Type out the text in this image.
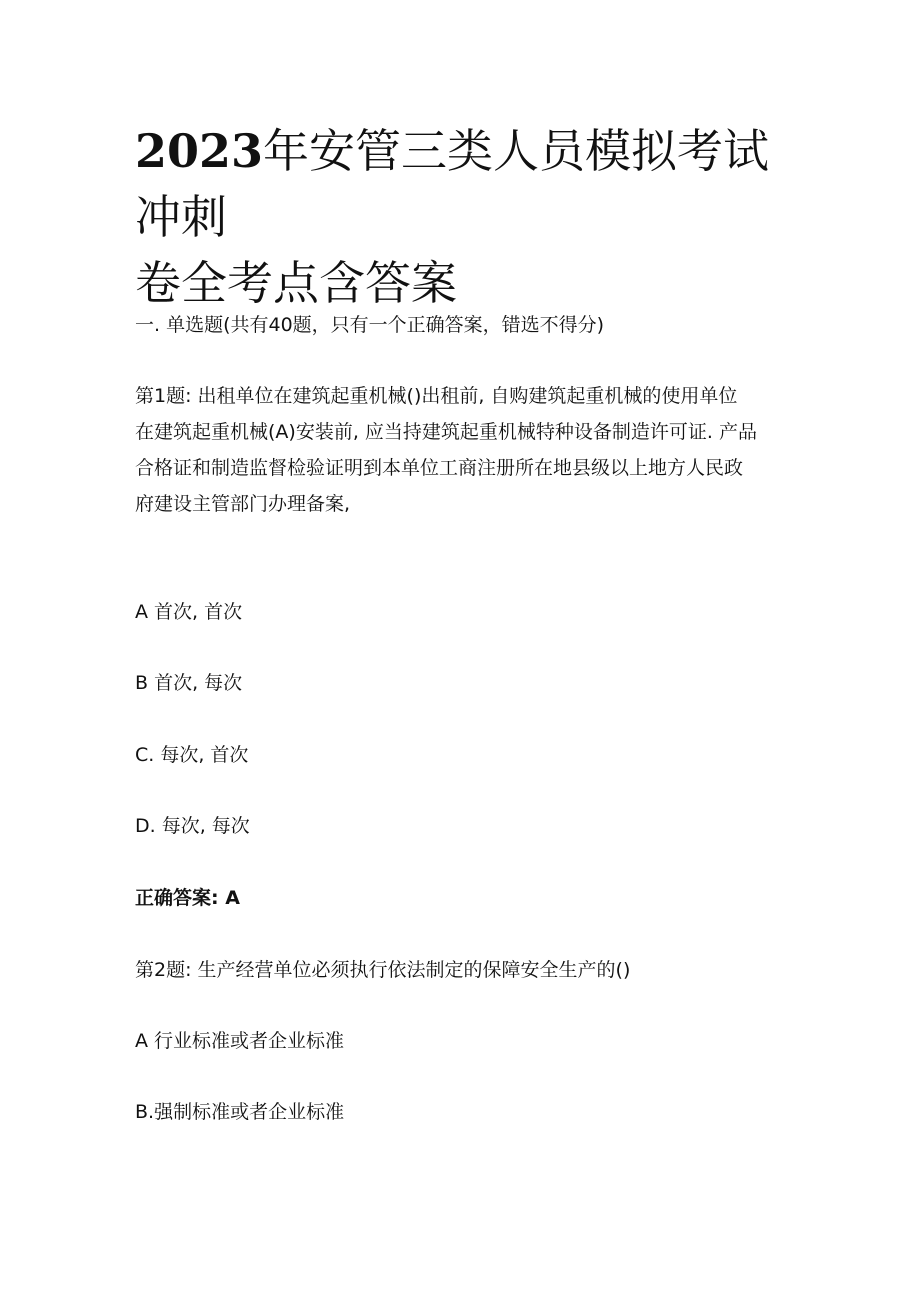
2023年安管三类人员模拟考试冲刺
卷全考点含答案

一. 单选题(共有40题，只有一个正确答案，错选不得分)

第1题: 出租单位在建筑起重机械()出租前, 自购建筑起重机械的使用单位
在建筑起重机械(A)安装前, 应当持建筑起重机械特种设备制造许可证. 产品
合格证和制造监督检验证明到本单位工商注册所在地县级以上地方人民政
府建设主管部门办理备案,

A 首次, 首次

B 首次, 每次

C. 每次, 首次

D. 每次, 每次

正确答案: A

第2题: 生产经营单位必须执行依法制定的保障安全生产的()

A 行业标准或者企业标准

B.强制标准或者企业标准
